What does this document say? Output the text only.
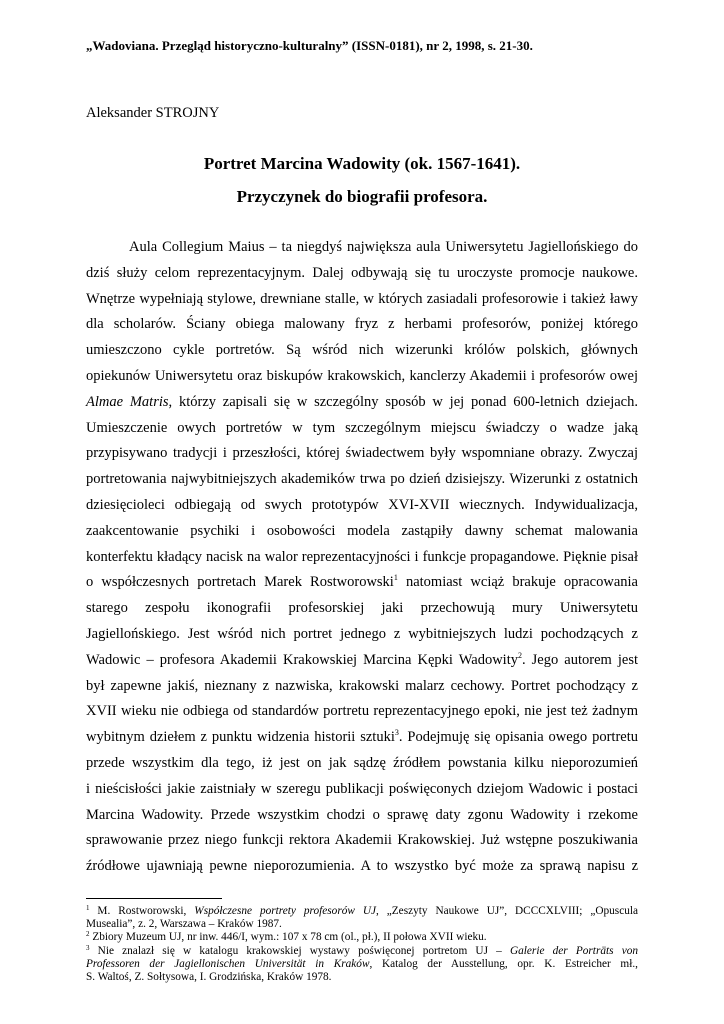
„Wadoviana. Przegląd historyczno-kulturalny” (ISSN-0181), nr 2, 1998, s. 21-30.
Aleksander STROJNY
Portret Marcina Wadowity (ok. 1567-1641).
Przyczynek do biografii profesora.
Aula Collegium Maius – ta niegdyś największa aula Uniwersytetu Jagiellońskiego do
dziś służy celom reprezentacyjnym. Dalej odbywają się tu uroczyste promocje naukowe.
Wnętrze wypełniają stylowe, drewniane stalle, w których zasiadali profesorowie i takież ławy
dla scholarów. Ściany obiega malowany fryz z herbami profesorów, poniżej którego
umieszczono cykle portretów. Są wśród nich wizerunki królów polskich, głównych
opiekunów Uniwersytetu oraz biskupów krakowskich, kanclerzy Akademii i profesorów owej
Almae Matris, którzy zapisali się w szczególny sposób w jej ponad 600-letnich dziejach.
Umieszczenie owych portretów w tym szczególnym miejscu świadczy o wadze jaką
przypisywano tradycji i przeszłości, której świadectwem były wspomniane obrazy. Zwyczaj
portretowania najwybitniejszych akademików trwa po dzień dzisiejszy. Wizerunki z ostatnich
dziesięcioleci odbiegają od swych prototypów XVI-XVII wiecznych. Indywidualizacja,
zaakcentowanie psychiki i osobowości modela zastąpiły dawny schemat malowania
konterfektu kładący nacisk na walor reprezentacyjności i funkcje propagandowe. Pięknie pisał
o współczesnych portretach Marek Rostworowski$^1$ natomiast wciąż brakuje opracowania
starego zespołu ikonografii profesorskiej jaki przechowują mury Uniwersytetu
Jagiellońskiego. Jest wśród nich portret jednego z wybitniejszych ludzi pochodzących z
Wadowic – profesora Akademii Krakowskiej Marcina Kępki Wadowity$^2$. Jego autorem jest
był zapewne jakiś, nieznany z nazwiska, krakowski malarz cechowy. Portret pochodzący z
XVII wieku nie odbiega od standardów portretu reprezentacyjnego epoki, nie jest też żadnym
wybitnym dziełem z punktu widzenia historii sztuki$^3$. Podejmuję się opisania owego portretu
przede wszystkim dla tego, iż jest on jak sądzę źródłem powstania kilku nieporozumień
i nieścisłości jakie zaistniały w szeregu publikacji poświęconych dziejom Wadowic i postaci
Marcina Wadowity. Przede wszystkim chodzi o sprawę daty zgonu Wadowity i rzekome
sprawowanie przez niego funkcji rektora Akademii Krakowskiej. Już wstępne poszukiwania
źródłowe ujawniają pewne nieporozumienia. A to wszystko być może za sprawą napisu z
$^1$ M. Rostworowski, Współczesne portrety profesorów UJ, „Zeszyty Naukowe UJ”, DCCCXLVIII; „Opuscula
Musealia”, z. 2, Warszawa – Kraków 1987.
$^2$ Zbiory Muzeum UJ, nr inw. 446/I, wym.: 107 x 78 cm (ol., pł.), II połowa XVII wieku.
$^3$ Nie znalazł się w katalogu krakowskiej wystawy poświęconej portretom UJ – Galerie der Porträts von
Professoren der Jagiellonischen Universität in Kraków, Katalog der Ausstellung, opr. K. Estreicher mł.,
S. Waltoś, Z. Sołtysowa, I. Grodzińska, Kraków 1978.
